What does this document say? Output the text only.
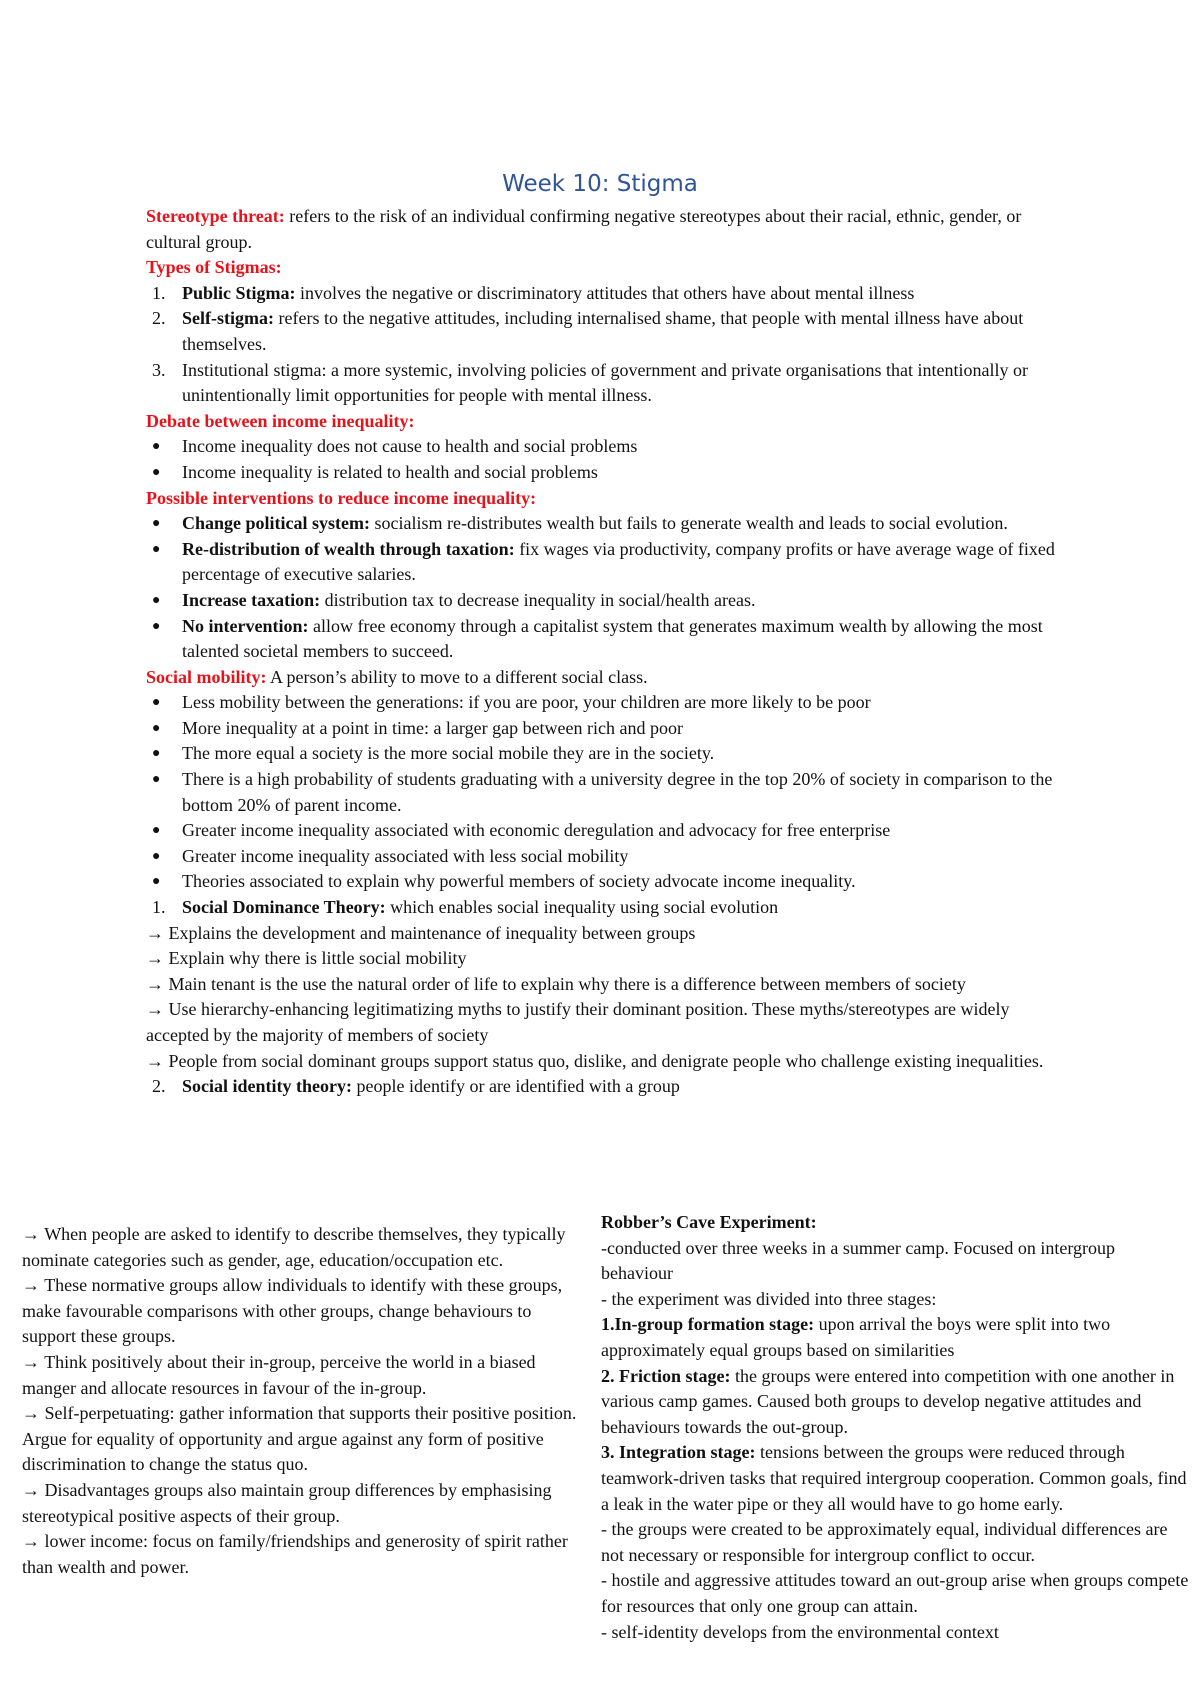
Week 10: Stigma

Stereotype threat: refers to the risk of an individual confirming negative stereotypes about their racial, ethnic, gender, or cultural group.

Types of Stigmas:

1. Public Stigma: involves the negative or discriminatory attitudes that others have about mental illness
2. Self-stigma: refers to the negative attitudes, including internalised shame, that people with mental illness have about themselves.
3. Institutional stigma: a more systemic, involving policies of government and private organisations that intentionally or unintentionally limit opportunities for people with mental illness.

Debate between income inequality:

●	Income inequality does not cause to health and social problems
●	Income inequality is related to health and social problems

Possible interventions to reduce income inequality:

●	Change political system: socialism re-distributes wealth but fails to generate wealth and leads to social evolution.
●	Re-distribution of wealth through taxation: fix wages via productivity, company profits or have average wage of fixed percentage of executive salaries.
●	Increase taxation: distribution tax to decrease inequality in social/health areas.
●	No intervention: allow free economy through a capitalist system that generates maximum wealth by allowing the most talented societal members to succeed.

Social mobility: A person’s ability to move to a different social class.

●	Less mobility between the generations: if you are poor, your children are more likely to be poor
●	More inequality at a point in time: a larger gap between rich and poor
●	The more equal a society is the more social mobile they are in the society.
●	There is a high probability of students graduating with a university degree in the top 20% of society in comparison to the bottom 20% of parent income.
●	Greater income inequality associated with economic deregulation and advocacy for free enterprise
●	Greater income inequality associated with less social mobility
●	Theories associated to explain why powerful members of society advocate income inequality.
1. Social Dominance Theory: which enables social inequality using social evolution

→ Explains the development and maintenance of inequality between groups

→ Explain why there is little social mobility

→ Main tenant is the use the natural order of life to explain why there is a difference between members of society

→ Use hierarchy-enhancing legitimatizing myths to justify their dominant position. These myths/stereotypes are widely accepted by the majority of members of society

→ People from social dominant groups support status quo, dislike, and denigrate people who challenge existing inequalities.

2. Social identity theory: people identify or are identified with a group

→ When people are asked to identify to describe themselves, they typically nominate categories such as gender, age, education/occupation etc.

→ These normative groups allow individuals to identify with these groups, make favourable comparisons with other groups, change behaviours to support these groups.

→ Think positively about their in-group, perceive the world in a biased manger and allocate resources in favour of the in-group.

→ Self-perpetuating: gather information that supports their positive position. Argue for equality of opportunity and argue against any form of positive discrimination to change the status quo.

→ Disadvantages groups also maintain group differences by emphasising stereotypical positive aspects of their group.

→ lower income: focus on family/friendships and generosity of spirit rather than wealth and power.

Robber’s Cave Experiment:

-conducted over three weeks in a summer camp. Focused on intergroup behaviour

- the experiment was divided into three stages:

1.In-group formation stage: upon arrival the boys were split into two approximately equal groups based on similarities

2. Friction stage: the groups were entered into competition with one another in various camp games. Caused both groups to develop negative attitudes and behaviours towards the out-group.

3. Integration stage: tensions between the groups were reduced through teamwork-driven tasks that required intergroup cooperation. Common goals, find a leak in the water pipe or they all would have to go home early.

- the groups were created to be approximately equal, individual differences are not necessary or responsible for intergroup conflict to occur.

- hostile and aggressive attitudes toward an out-group arise when groups compete for resources that only one group can attain.

- self-identity develops from the environmental context
